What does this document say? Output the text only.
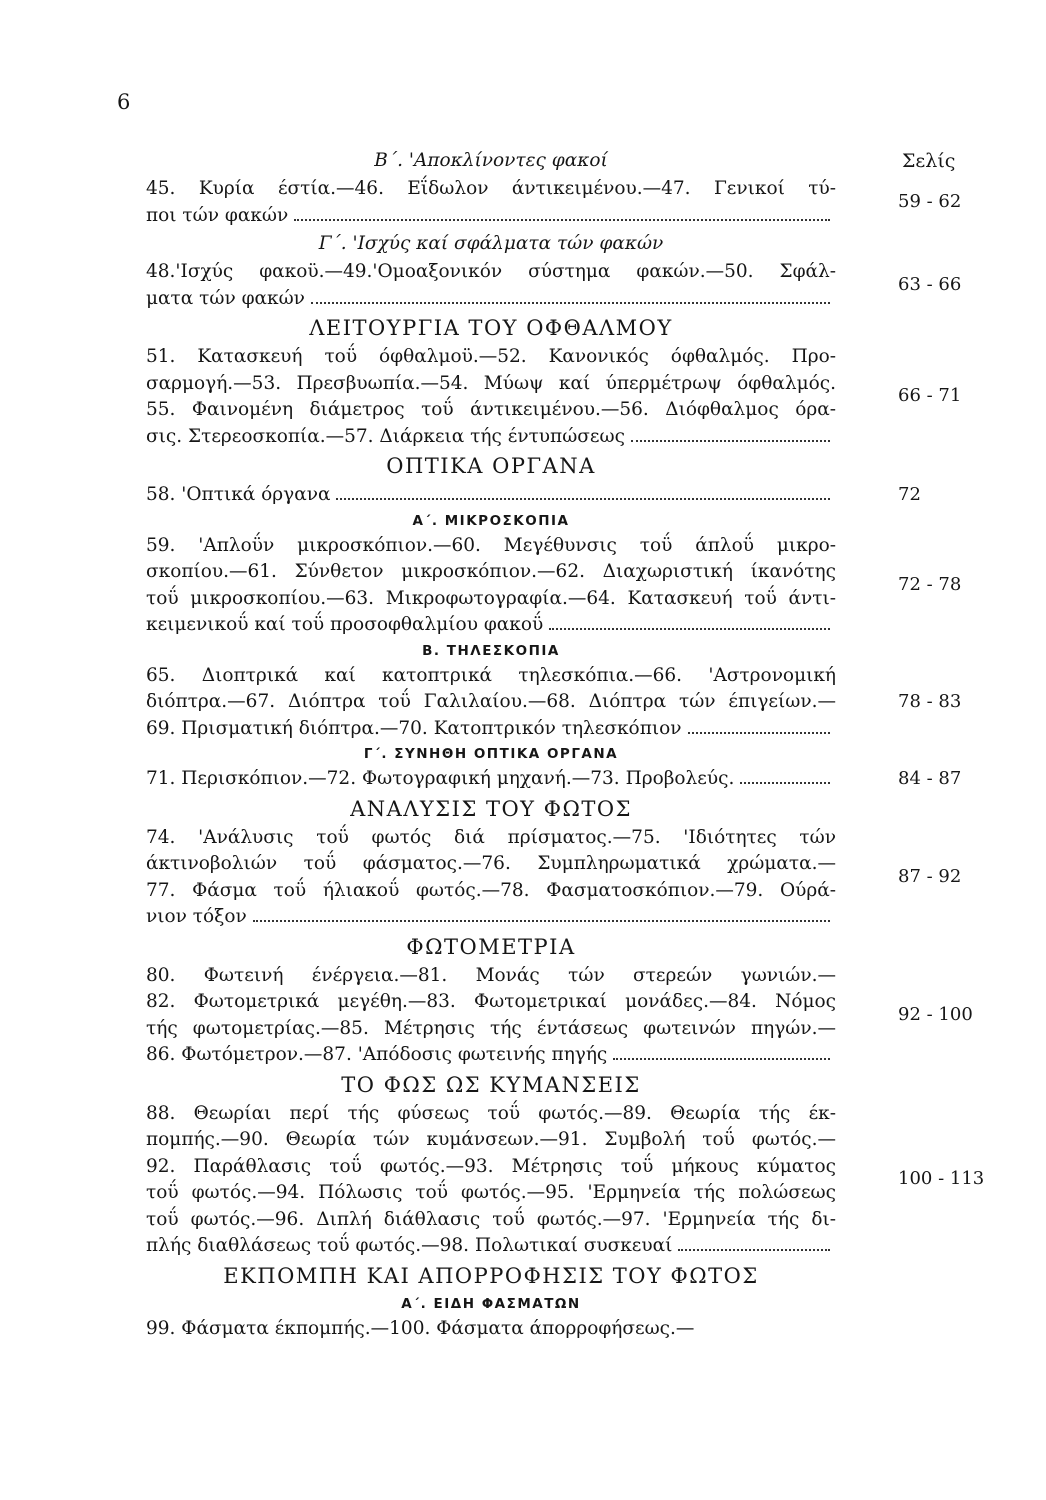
6
Σελίς
Β΄. 'Αποκλίνοντες φακοί
45. Κυρία έστία.—46. Εΐδωλον άντικειμένου.—47. Γενικοί τύ-
ποι τών φακών
59 - 62
Γ΄. 'Ισχύς καί σφάλματα τών φακών
48.'Ισχύς φακοϋ.—49.'Ομοαξονικόν σύστημα φακών.—50. Σφάλ-
ματα τών φακών
63 - 66
ΛΕΙΤΟΥΡΓΙΑ ΤΟΥ ΟΦΘΑΛΜΟΥ
51. Κατασκευή τοΰ όφθαλμοϋ.—52. Κανονικός όφθαλμός. Προ-
σαρμογή.—53. Πρεσβυωπία.—54. Μύωψ καί ύπερμέτρωψ όφθαλμός.
55. Φαινομένη διάμετρος τοΰ άντικειμένου.—56. Διόφθαλμος όρα-
σις. Στερεοσκοπία.—57. Διάρκεια τής έντυπώσεως
66 - 71
ΟΠΤΙΚΑ ΟΡΓΑΝΑ
58. 'Οπτικά όργανα	72
Α΄. ΜΙΚΡΟΣΚΟΠΙΑ
59. 'Απλοΰν μικροσκόπιον.—60. Μεγέθυνσις τοΰ άπλοΰ μικρο-
σκοπίου.—61. Σύνθετον μικροσκόπιον.—62. Διαχωριστική ίκανότης
τοΰ μικροσκοπίου.—63. Μικροφωτογραφία.—64. Κατασκευή τοΰ άντι-
κειμενικοΰ καί τοΰ προσοφθαλμίου φακοΰ
72 - 78
Β. ΤΗΛΕΣΚΟΠΙΑ
65. Διοπτρικά καί κατοπτρικά τηλεσκόπια.—66. 'Αστρονομική
διόπτρα.—67. Διόπτρα τοΰ Γαλιλαίου.—68. Διόπτρα τών έπιγείων.—
69. Πρισματική διόπτρα.—70. Κατοπτρικόν τηλεσκόπιον
78 - 83
Γ΄. ΣΥΝΗΘΗ ΟΠΤΙΚΑ ΟΡΓΑΝΑ
71. Περισκόπιον.—72. Φωτογραφική μηχανή.—73. Προβολεύς.	84 - 87
ΑΝΑΛΥΣΙΣ ΤΟΥ ΦΩΤΟΣ
74. 'Ανάλυσις τοΰ φωτός διά πρίσματος.—75. 'Ιδιότητες τών
άκτινοβολιών τοΰ φάσματος.—76. Συμπληρωματικά χρώματα.—
77. Φάσμα τοΰ ήλιακοΰ φωτός.—78. Φασματοσκόπιον.—79. Ούρά-
νιον τόξον
87 - 92
ΦΩΤΟΜΕΤΡΙΑ
80. Φωτεινή ένέργεια.—81. Μονάς τών στερεών γωνιών.—
82. Φωτομετρικά μεγέθη.—83. Φωτομετρικαί μονάδες.—84. Νόμος
τής φωτομετρίας.—85. Μέτρησις τής έντάσεως φωτεινών πηγών.—
86. Φωτόμετρον.—87. 'Απόδοσις φωτεινής πηγής
92 - 100
ΤΟ ΦΩΣ ΩΣ ΚΥΜΑΝΣΕΙΣ
88. Θεωρίαι περί τής φύσεως τοΰ φωτός.—89. Θεωρία τής έκ-
πομπής.—90. Θεωρία τών κυμάνσεων.—91. Συμβολή τοΰ φωτός.—
92. Παράθλασις τοΰ φωτός.—93. Μέτρησις τοΰ μήκους κύματος
τοΰ φωτός.—94. Πόλωσις τοΰ φωτός.—95. 'Ερμηνεία τής πολώσεως
τοΰ φωτός.—96. Διπλή διάθλασις τοΰ φωτός.—97. 'Ερμηνεία τής δι-
πλής διαθλάσεως τοΰ φωτός.—98. Πολωτικαί συσκευαί
100 - 113
ΕΚΠΟΜΠΗ ΚΑΙ ΑΠΟΡΡΟΦΗΣΙΣ ΤΟΥ ΦΩΤΟΣ
Α΄. ΕΙΔΗ ΦΑΣΜΑΤΩΝ
99. Φάσματα έκπομπής.—100. Φάσματα άπορροφήσεως.—
